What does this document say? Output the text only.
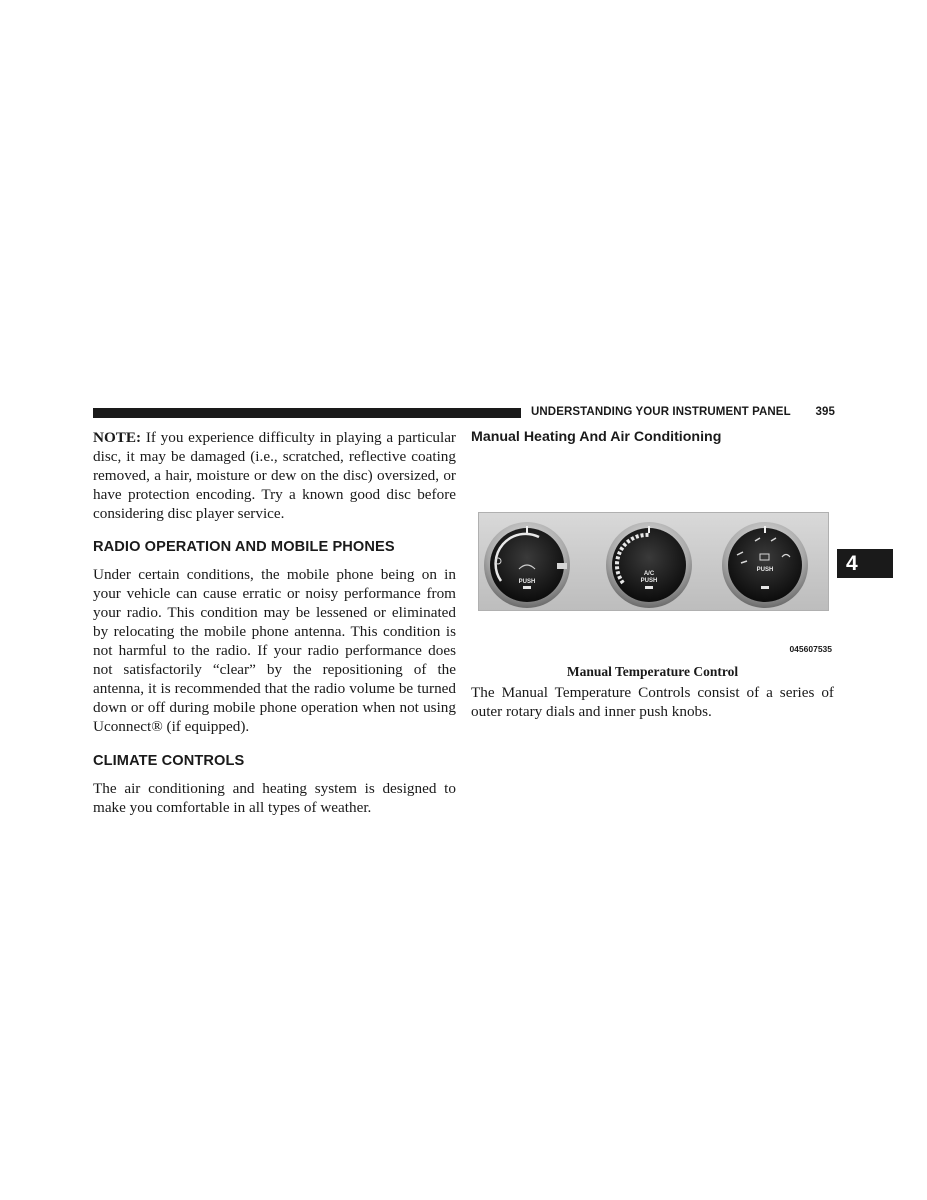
UNDERSTANDING YOUR INSTRUMENT PANEL 395

NOTE: If you experience difficulty in playing a particular disc, it may be damaged (i.e., scratched, reflective coating removed, a hair, moisture or dew on the disc) oversized, or have protection encoding. Try a known good disc before considering disc player service.

RADIO OPERATION AND MOBILE PHONES

Under certain conditions, the mobile phone being on in your vehicle can cause erratic or noisy performance from your radio. This condition may be lessened or eliminated by relocating the mobile phone antenna. This condition is not harmful to the radio. If your radio performance does not satisfactorily “clear” by the repositioning of the antenna, it is recommended that the radio volume be turned down or off during mobile phone operation when not using Uconnect® (if equipped).

CLIMATE CONTROLS

The air conditioning and heating system is designed to make you comfortable in all types of weather.

Manual Heating And Air Conditioning
PUSH
A/C
PUSH
PUSH
045607535
Manual Temperature Control
The Manual Temperature Controls consist of a series of outer rotary dials and inner push knobs.
4
